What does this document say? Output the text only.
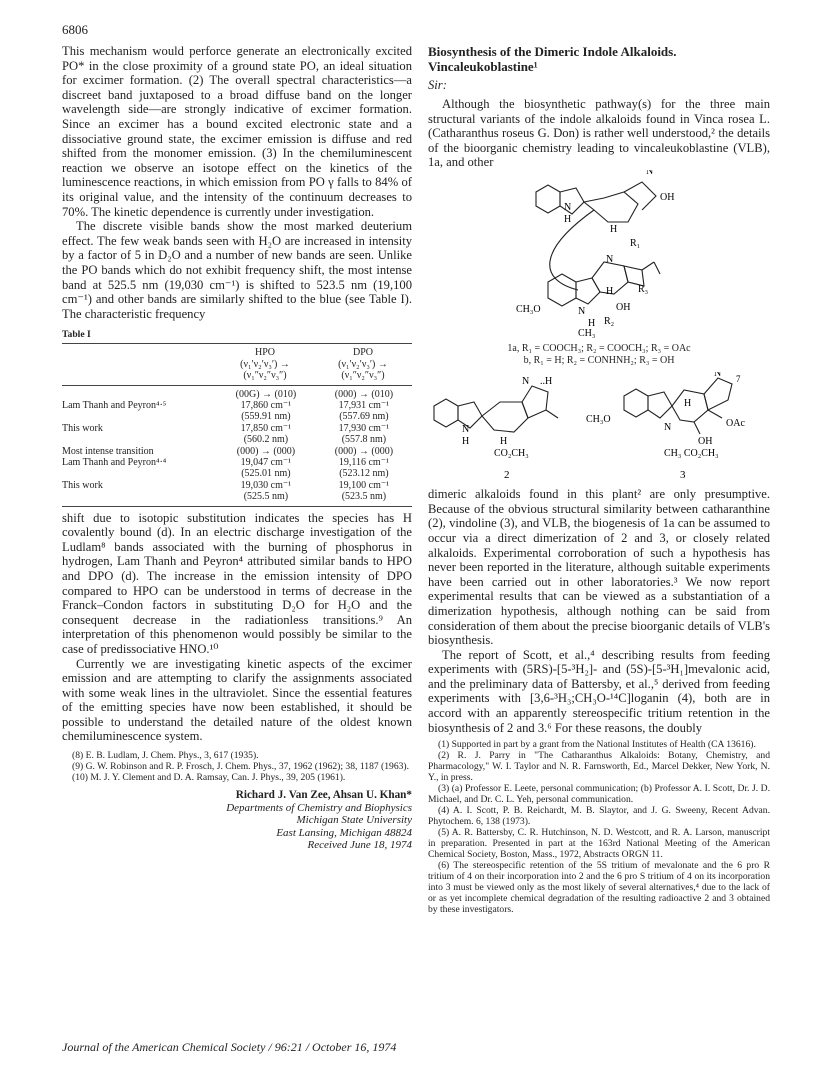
6806

This mechanism would perforce generate an electronically excited PO* in the close proximity of a ground state PO, an ideal situation for excimer formation. (2) The overall spectral characteristics—a discreet band juxtaposed to a broad diffuse band on the longer wavelength side—are strongly indicative of excimer formation. Since an excimer has a bound excited electronic state and a dissociative ground state, the excimer emission is diffuse and red shifted from the monomer emission. (3) In the chemiluminescent reaction we observe an isotope effect on the kinetics of the luminescence reactions, in which emission from PO γ falls to 84% of its original value, and the intensity of the continuum decreases to 70%. The kinetic dependence is currently under investigation.

The discrete visible bands show the most marked deuterium effect. The few weak bands seen with H₂O are increased in intensity by a factor of 5 in D₂O and a number of new bands are seen. Unlike the PO bands which do not exhibit frequency shift, the most intense band at 525.5 nm (19,030 cm⁻¹) is shifted to 523.5 nm (19,100 cm⁻¹) and other bands are similarly shifted to the blue (see Table I). The characteristic frequency

Table I
	HPO	DPO
	(ν₁′ν₂′ν₃′) →	(ν₁′ν₂′ν₃′) →
	(ν₁″ν₂″ν₃″)	(ν₁″ν₂″ν₃″)
	(00G) → (010)	(000) → (010)
Lam Thanh and Peyron⁴·⁵	17,860 cm⁻¹	17,931 cm⁻¹
	(559.91 nm)	(557.69 nm)
This work	17,850 cm⁻¹	17,930 cm⁻¹
	(560.2 nm)	(557.8 nm)
Most intense transition	(000) → (000)	(000) → (000)
Lam Thanh and Peyron⁴·⁴	19,047 cm⁻¹	19,116 cm⁻¹
	(525.01 nm)	(523.12 nm)
This work	19,030 cm⁻¹	19,100 cm⁻¹
	(525.5 nm)	(523.5 nm)

shift due to isotopic substitution indicates the species has H covalently bound (d). In an electric discharge investigation of the Ludlam⁸ bands associated with the burning of phosphorus in hydrogen, Lam Thanh and Peyron⁴ attributed similar bands to HPO and DPO (d). The increase in the emission intensity of DPO compared to HPO can be understood in terms of decrease in the Franck–Condon factors in substituting D₂O for H₂O and the consequent decrease in the radiationless transitions.⁹ An interpretation of this phenomenon would possibly be similar to the case of predissociative HNO.¹⁰

Currently we are investigating kinetic aspects of the excimer emission and are attempting to clarify the assignments associated with some weak lines in the ultraviolet. Since the essential features of the emitting species have now been established, it should be possible to understand the detailed nature of the oldest known chemiluminescence system.

(8) E. B. Ludlam, J. Chem. Phys., 3, 617 (1935).

(9) G. W. Robinson and R. P. Frosch, J. Chem. Phys., 37, 1962 (1962); 38, 1187 (1963).

(10) M. J. Y. Clement and D. A. Ramsay, Can. J. Phys., 39, 205 (1961).

Richard J. Van Zee, Ahsan U. Khan*
Departments of Chemistry and Biophysics
Michigan State University
East Lansing, Michigan 48824
Received June 18, 1974
Biosynthesis of the Dimeric Indole Alkaloids.
Vincaleukoblastine¹
Sir:

Although the biosynthetic pathway(s) for the three main structural variants of the indole alkaloids found in Vinca rosea L. (Catharanthus roseus G. Don) is rather well understood,² the details of the bioorganic chemistry leading to vincaleukoblastine (VLB), 1a, and other

N
H
H
N
OH
R₁
N
H
CH₃O	N
H R₂
OH
R₃
CH₃
1a, R₁ = COOCH₃; R₂ = COOCH₃; R₃ = OAc
b, R₁ = H; R₂ = CONHNH₂; R₃ = OH
N
H
N ..H
H
CO₂CH₃
2
CH₃O
N 7
H
N	OAc
OH
CH₃ CO₂CH₃
3

dimeric alkaloids found in this plant² are only presumptive. Because of the obvious structural similarity between catharanthine (2), vindoline (3), and VLB, the biogenesis of 1a can be assumed to occur via a direct dimerization of 2 and 3, or closely related alkaloids. Experimental corroboration of such a hypothesis has never been reported in the literature, although suitable experiments have been carried out in other laboratories.³ We now report experimental results that can be viewed as a substantiation of a dimerization hypothesis, although nothing can be said from consideration of them about the precise bioorganic details of VLB's biosynthesis.

The report of Scott, et al.,⁴ describing results from feeding experiments with (5RS)-[5-³H₂]- and (5S)-[5-³H₁]mevalonic acid, and the preliminary data of Battersby, et al.,⁵ derived from feeding experiments with [3,6-³H₃;CH₃O-¹⁴C]loganin (4), both are in accord with an apparently stereospecific tritium retention in the biosynthesis of 2 and 3.⁶ For these reasons, the doubly

(1) Supported in part by a grant from the National Institutes of Health (CA 13616).

(2) R. J. Parry in "The Catharanthus Alkaloids: Botany, Chemistry, and Pharmacology," W. I. Taylor and N. R. Farnsworth, Ed., Marcel Dekker, New York, N. Y., in press.

(3) (a) Professor E. Leete, personal communication; (b) Professor A. I. Scott, Dr. J. D. Michael, and Dr. C. L. Yeh, personal communication.

(4) A. I. Scott, P. B. Reichardt, M. B. Slaytor, and J. G. Sweeny, Recent Advan. Phytochem. 6, 138 (1973).

(5) A. R. Battersby, C. R. Hutchinson, N. D. Westcott, and R. A. Larson, manuscript in preparation. Presented in part at the 163rd National Meeting of the American Chemical Society, Boston, Mass., 1972, Abstracts ORGN 11.

(6) The stereospecific retention of the 5S tritium of mevalonate and the 6 pro R tritium of 4 on their incorporation into 2 and the 6 pro S tritium of 4 on its incorporation into 3 must be viewed only as the most likely of several alternatives,⁴ due to the lack of or as yet incomplete chemical degradation of the resulting radioactive 2 and 3 obtained by these investigators.

Journal of the American Chemical Society / 96:21 / October 16, 1974
